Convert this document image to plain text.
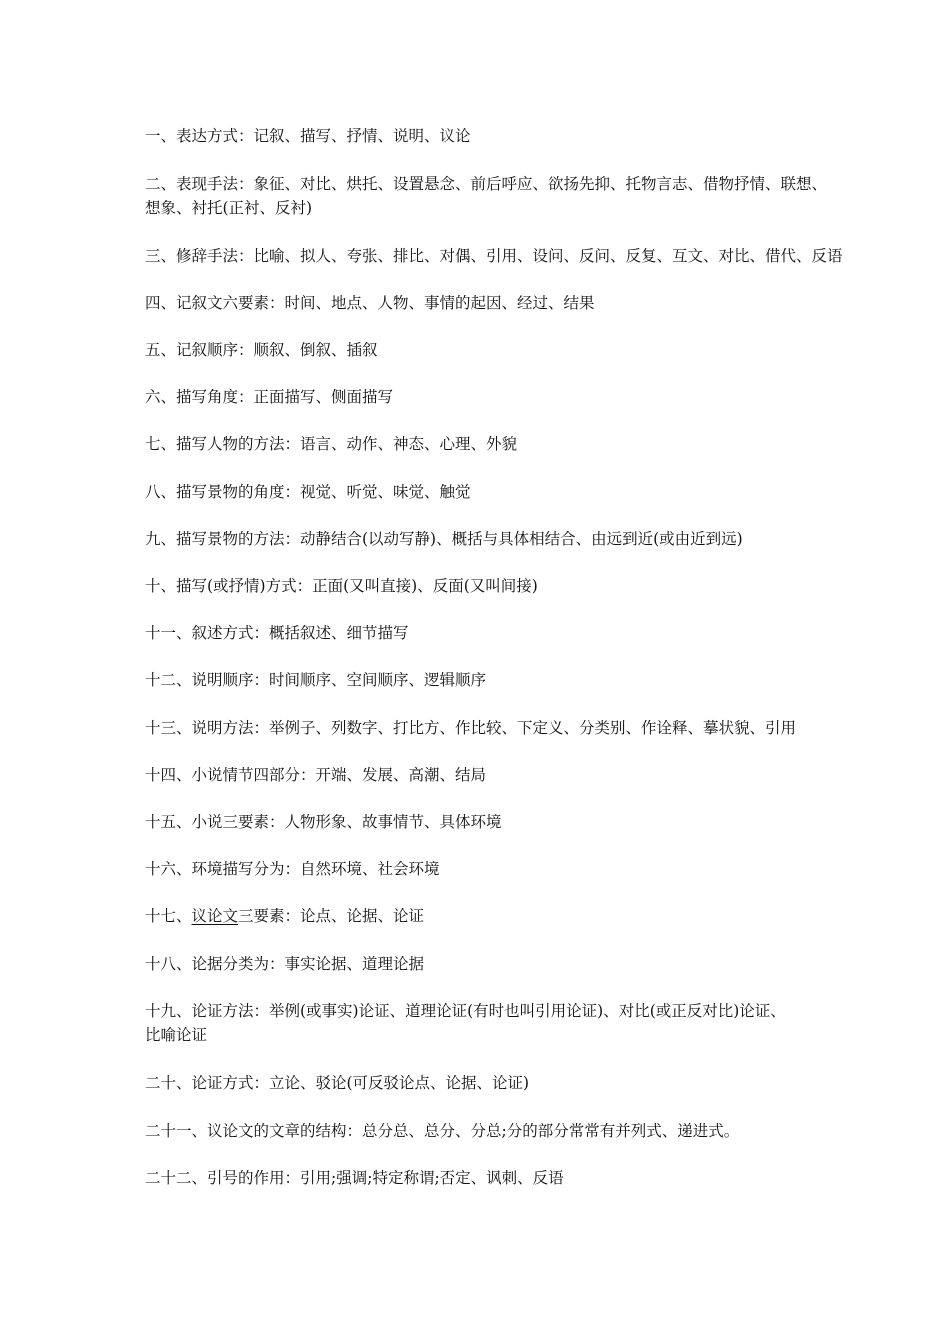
一、表达方式：记叙、描写、抒情、说明、议论

二、表现手法：象征、对比、烘托、设置悬念、前后呼应、欲扬先抑、托物言志、借物抒情、联想、
想象、衬托(正衬、反衬)

三、修辞手法：比喻、拟人、夸张、排比、对偶、引用、设问、反问、反复、互文、对比、借代、反语

四、记叙文六要素：时间、地点、人物、事情的起因、经过、结果

五、记叙顺序：顺叙、倒叙、插叙

六、描写角度：正面描写、侧面描写

七、描写人物的方法：语言、动作、神态、心理、外貌

八、描写景物的角度：视觉、听觉、味觉、触觉

九、描写景物的方法：动静结合(以动写静)、概括与具体相结合、由远到近(或由近到远)

十、描写(或抒情)方式：正面(又叫直接)、反面(又叫间接)

十一、叙述方式：概括叙述、细节描写

十二、说明顺序：时间顺序、空间顺序、逻辑顺序

十三、说明方法：举例子、列数字、打比方、作比较、下定义、分类别、作诠释、摹状貌、引用

十四、小说情节四部分：开端、发展、高潮、结局

十五、小说三要素：人物形象、故事情节、具体环境

十六、环境描写分为：自然环境、社会环境

十七、议论文三要素：论点、论据、论证

十八、论据分类为：事实论据、道理论据

十九、论证方法：举例(或事实)论证、道理论证(有时也叫引用论证)、对比(或正反对比)论证、
比喻论证

二十、论证方式：立论、驳论(可反驳论点、论据、论证)

二十一、议论文的文章的结构：总分总、总分、分总;分的部分常常有并列式、递进式。

二十二、引号的作用：引用;强调;特定称谓;否定、讽刺、反语
